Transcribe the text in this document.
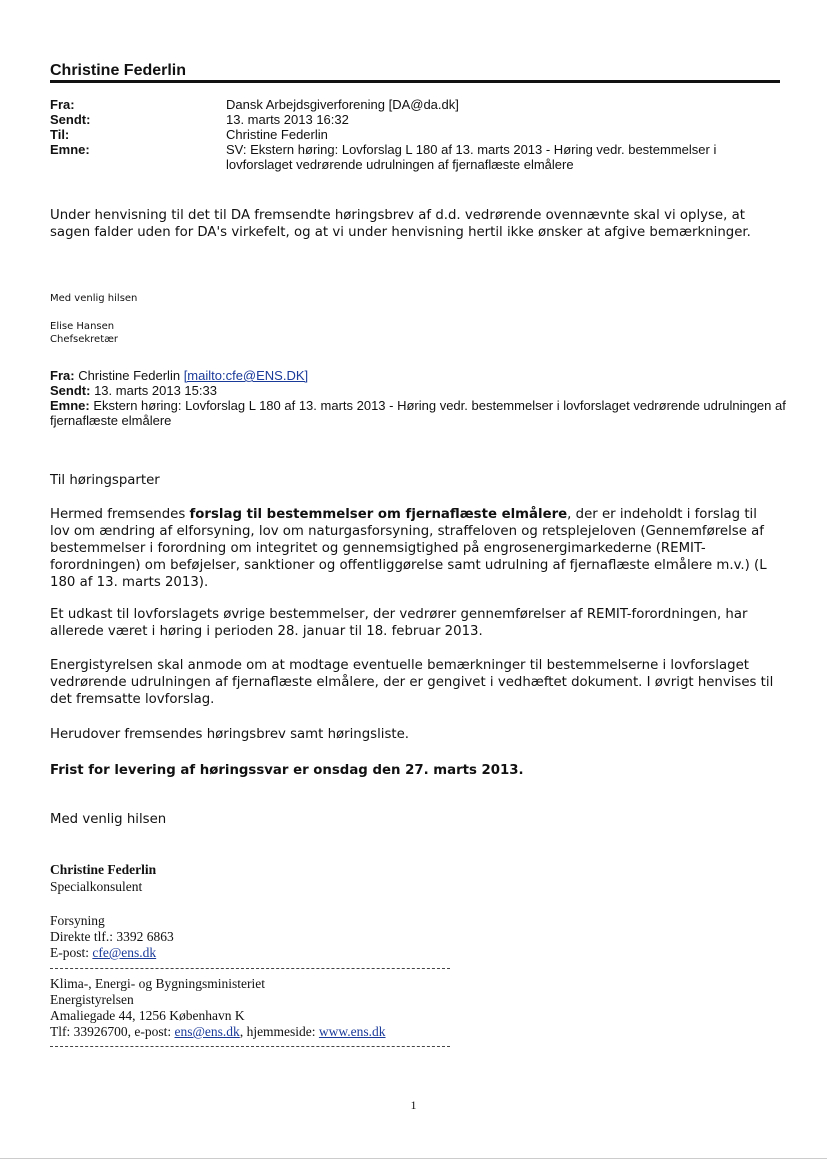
Christine Federlin
Fra:	Dansk Arbejdsgiverforening [DA@da.dk]
Sendt:	13. marts 2013 16:32
Til:	Christine Federlin
Emne:	SV: Ekstern høring: Lovforslag L 180 af 13. marts 2013 - Høring vedr. bestemmelser i lovforslaget vedrørende udrulningen af fjernaflæste elmålere
Under henvisning til det til DA fremsendte høringsbrev af d.d. vedrørende ovennævnte skal vi oplyse, at sagen falder uden for DA's virkefelt, og at vi under henvisning hertil ikke ønsker at afgive bemærkninger.
Med venlig hilsen
Elise Hansen
Chefsekretær
Fra: Christine Federlin [mailto:cfe@ENS.DK]
Sendt: 13. marts 2013 15:33
Emne: Ekstern høring: Lovforslag L 180 af 13. marts 2013 - Høring vedr. bestemmelser i lovforslaget vedrørende udrulningen af fjernaflæste elmålere
Til høringsparter
Hermed fremsendes forslag til bestemmelser om fjernaflæste elmålere, der er indeholdt i forslag til lov om ændring af elforsyning, lov om naturgasforsyning, straffeloven og retsplejeloven (Gennemførelse af bestemmelser i forordning om integritet og gennemsigtighed på engrosenergimarkederne (REMIT-forordningen) om beføjelser, sanktioner og offentliggørelse samt udrulning af fjernaflæste elmålere m.v.) (L 180 af 13. marts 2013).
Et udkast til lovforslagets øvrige bestemmelser, der vedrører gennemførelser af REMIT-forordningen, har allerede været i høring i perioden 28. januar til 18. februar 2013.
Energistyrelsen skal anmode om at modtage eventuelle bemærkninger til bestemmelserne i lovforslaget vedrørende udrulningen af fjernaflæste elmålere, der er gengivet i vedhæftet dokument. I øvrigt henvises til det fremsatte lovforslag.
Herudover fremsendes høringsbrev samt høringsliste.
Frist for levering af høringssvar er onsdag den 27. marts 2013.
Med venlig hilsen
Christine Federlin
Specialkonsulent
Forsyning
Direkte tlf.: 3392 6863
E-post: cfe@ens.dk
Klima-, Energi- og Bygningsministeriet
Energistyrelsen
Amaliegade 44, 1256 København K
Tlf: 33926700, e-post: ens@ens.dk, hjemmeside: www.ens.dk
1
